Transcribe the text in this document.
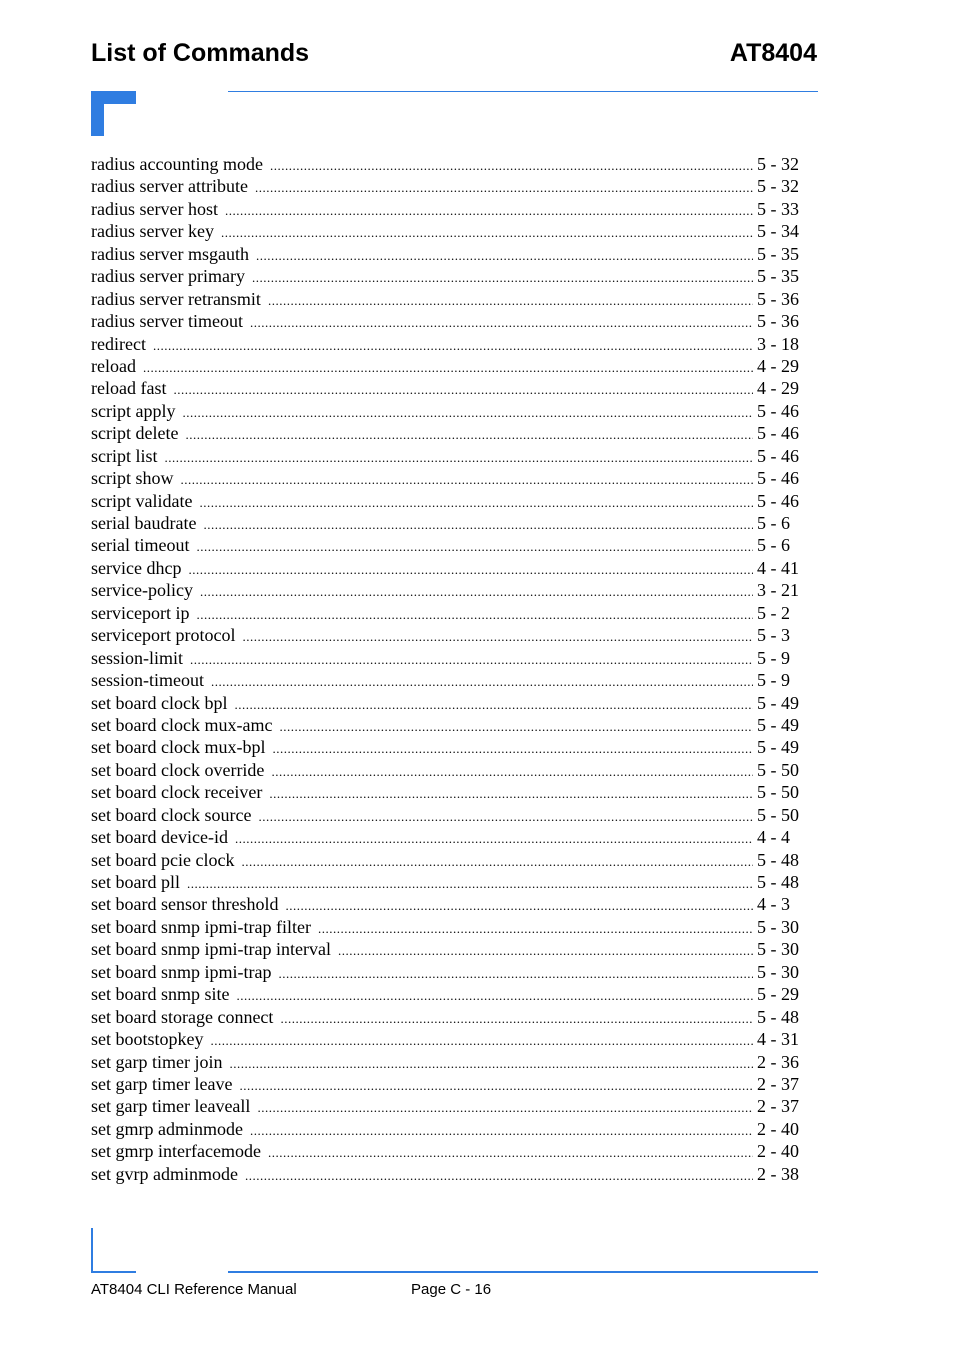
List of Commands	AT8404
radius accounting mode .....	5 - 32
radius server attribute .....	5 - 32
radius server host .....	5 - 33
radius server key .....	5 - 34
radius server msgauth .....	5 - 35
radius server primary .....	5 - 35
radius server retransmit .....	5 - 36
radius server timeout .....	5 - 36
redirect .....	3 - 18
reload .....	4 - 29
reload fast .....	4 - 29
script apply .....	5 - 46
script delete .....	5 - 46
script list .....	5 - 46
script show .....	5 - 46
script validate .....	5 - 46
serial baudrate .....	5 - 6
serial timeout .....	5 - 6
service dhcp .....	4 - 41
service-policy .....	3 - 21
serviceport ip .....	5 - 2
serviceport protocol .....	5 - 3
session-limit .....	5 - 9
session-timeout .....	5 - 9
set board clock bpl .....	5 - 49
set board clock mux-amc .....	5 - 49
set board clock mux-bpl .....	5 - 49
set board clock override .....	5 - 50
set board clock receiver .....	5 - 50
set board clock source .....	5 - 50
set board device-id .....	4 - 4
set board pcie clock .....	5 - 48
set board pll .....	5 - 48
set board sensor threshold .....	4 - 3
set board snmp ipmi-trap filter .....	5 - 30
set board snmp ipmi-trap interval .....	5 - 30
set board snmp ipmi-trap .....	5 - 30
set board snmp site .....	5 - 29
set board storage connect .....	5 - 48
set bootstopkey .....	4 - 31
set garp timer join .....	2 - 36
set garp timer leave .....	2 - 37
set garp timer leaveall .....	2 - 37
set gmrp adminmode .....	2 - 40
set gmrp interfacemode .....	2 - 40
set gvrp adminmode .....	2 - 38
AT8404 CLI Reference Manual	Page C - 16
